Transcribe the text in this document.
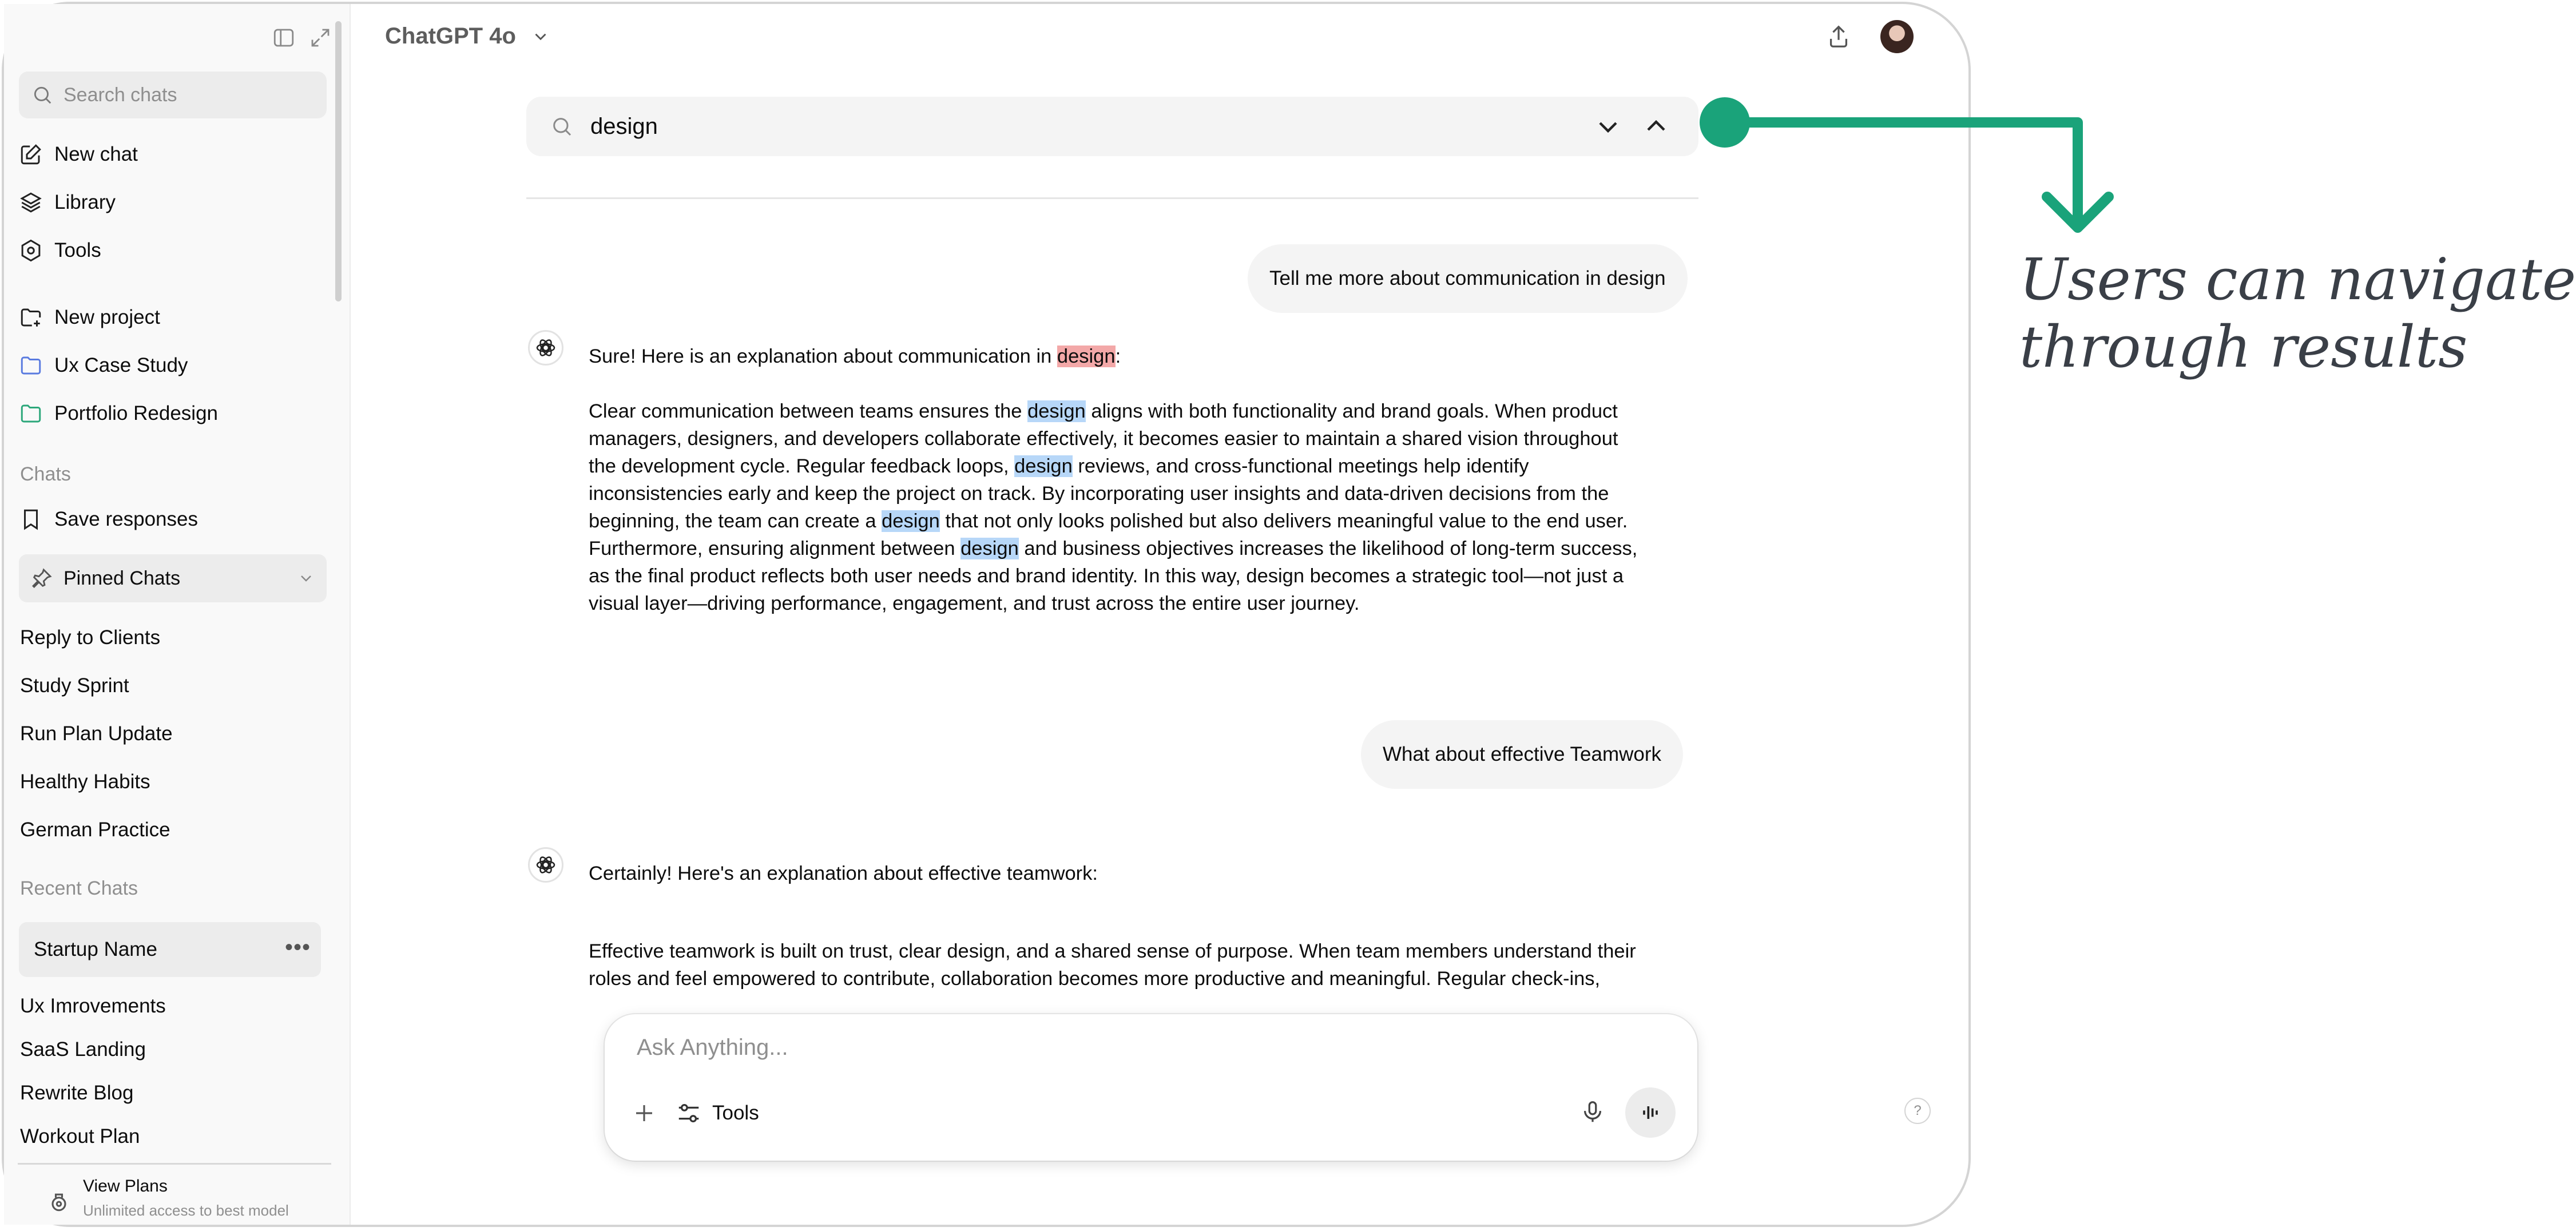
Search chats
New chat
Library
Tools
New project
Ux Case Study
Portfolio Redesign
Chats
Save responses
Pinned Chats
Reply to Clients
Study Sprint
Run Plan Update
Healthy Habits
German Practice
Recent Chats
Startup Name	•••
Ux Imrovements
SaaS Landing
Rewrite Blog
Workout Plan
View Plans
Unlimited access to best model
ChatGPT 4o
design
Tell me more about communication in design
Sure! Here is an explanation about communication in design:
Clear communication between teams ensures the design aligns with both functionality and brand goals. When product
managers, designers, and developers collaborate effectively, it becomes easier to maintain a shared vision throughout
the development cycle. Regular feedback loops, design reviews, and cross-functional meetings help identify
inconsistencies early and keep the project on track. By incorporating user insights and data-driven decisions from the
beginning, the team can create a design that not only looks polished but also delivers meaningful value to the end user.
Furthermore, ensuring alignment between design and business objectives increases the likelihood of long-term success,
as the final product reflects both user needs and brand identity. In this way, design becomes a strategic tool—not just a
visual layer—driving performance, engagement, and trust across the entire user journey.
What about effective Teamwork
Certainly! Here's an explanation about effective teamwork:
Effective teamwork is built on trust, clear design, and a shared sense of purpose. When team members understand their
roles and feel empowered to contribute, collaboration becomes more productive and meaningful. Regular check-ins,
Ask Anything...
Tools	?
Users can navigate
through results
